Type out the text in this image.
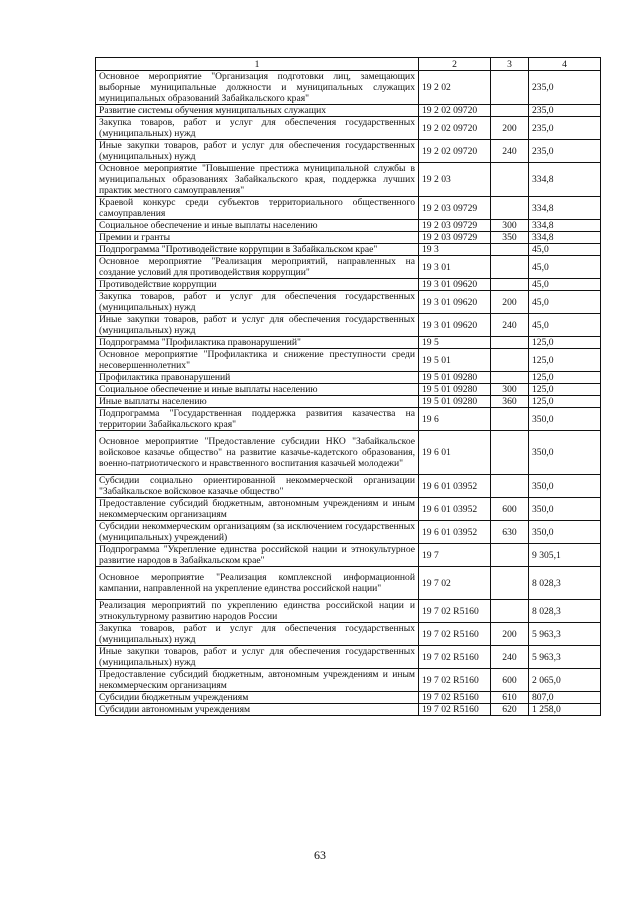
1	2	3	4
Основное мероприятие "Организация подготовки лиц, замещающих выборные муниципальные должности и муниципальных служащих муниципальных образований Забайкальского края"	19 2 02		235,0
Развитие системы обучения муниципальных служащих	19 2 02 09720		235,0
Закупка товаров, работ и услуг для обеспечения государственных (муниципальных) нужд	19 2 02 09720	200	235,0
Иные закупки товаров, работ и услуг для обеспечения государственных (муниципальных) нужд	19 2 02 09720	240	235,0
Основное мероприятие "Повышение престижа муниципальной службы в муниципальных образованиях Забайкальского края, поддержка лучших практик местного самоуправления"	19 2 03		334,8
Краевой конкурс среди субъектов территориального общественного самоуправления	19 2 03 09729		334,8
Социальное обеспечение и иные выплаты населению	19 2 03 09729	300	334,8
Премии и гранты	19 2 03 09729	350	334,8
Подпрограмма "Противодействие коррупции в Забайкальском крае"	19 3		45,0
Основное мероприятие "Реализация мероприятий, направленных на создание условий для противодействия коррупции"	19 3 01		45,0
Противодействие коррупции	19 3 01 09620		45,0
Закупка товаров, работ и услуг для обеспечения государственных (муниципальных) нужд	19 3 01 09620	200	45,0
Иные закупки товаров, работ и услуг для обеспечения государственных (муниципальных) нужд	19 3 01 09620	240	45,0
Подпрограмма "Профилактика правонарушений"	19 5		125,0
Основное мероприятие "Профилактика и снижение преступности среди несовершеннолетних"	19 5 01		125,0
Профилактика правонарушений	19 5 01 09280		125,0
Социальное обеспечение и иные выплаты населению	19 5 01 09280	300	125,0
Иные выплаты населению	19 5 01 09280	360	125,0
Подпрограмма "Государственная поддержка развития казачества на территории Забайкальского края"	19 6		350,0
Основное мероприятие "Предоставление субсидии НКО "Забайкальское войсковое казачье общество" на развитие казачье-кадетского образования, военно-патриотического и нравственного воспитания казачьей молодежи"	19 6 01		350,0
Субсидии социально ориентированной некоммерческой организации "Забайкальское войсковое казачье общество"	19 6 01 03952		350,0
Предоставление субсидий бюджетным, автономным учреждениям и иным некоммерческим организациям	19 6 01 03952	600	350,0
Субсидии некоммерческим организациям (за исключением государственных (муниципальных) учреждений)	19 6 01 03952	630	350,0
Подпрограмма "Укрепление единства российской нации и этнокультурное развитие народов в Забайкальском крае"	19 7		9 305,1
Основное мероприятие "Реализация комплексной информационной кампании, направленной на укрепление единства российской нации"	19 7 02		8 028,3
Реализация мероприятий по укреплению единства российской нации и этнокультурному развитию народов России	19 7 02 R5160		8 028,3
Закупка товаров, работ и услуг для обеспечения государственных (муниципальных) нужд	19 7 02 R5160	200	5 963,3
Иные закупки товаров, работ и услуг для обеспечения государственных (муниципальных) нужд	19 7 02 R5160	240	5 963,3
Предоставление субсидий бюджетным, автономным учреждениям и иным некоммерческим организациям	19 7 02 R5160	600	2 065,0
Субсидии бюджетным учреждениям	19 7 02 R5160	610	807,0
Субсидии автономным учреждениям	19 7 02 R5160	620	1 258,0
63
